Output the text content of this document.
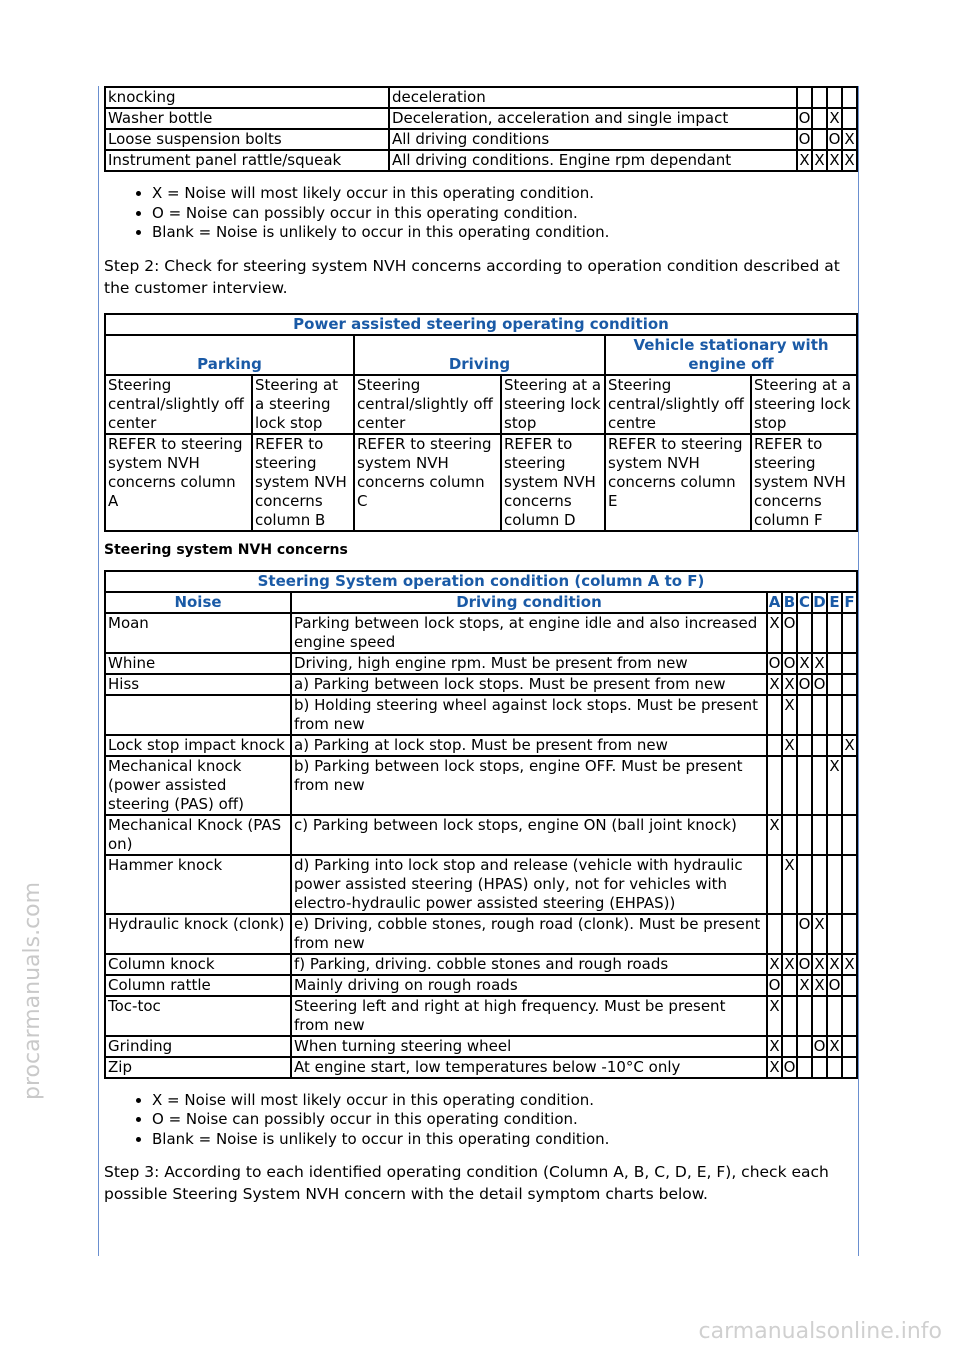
knocking	deceleration				
Washer bottle	Deceleration, acceleration and single impact	O		X	
Loose suspension bolts	All driving conditions	O		O	X
Instrument panel rattle/squeak	All driving conditions. Engine rpm dependant	X	X	X	X
• X = Noise will most likely occur in this operating condition.
• O = Noise can possibly occur in this operating condition.
• Blank = Noise is unlikely to occur in this operating condition.

Step 2: Check for steering system NVH concerns according to operation condition described at the customer interview.

Power assisted steering operating condition					
Parking		Driving		Vehicle stationary with engine off	
Steering central/slightly off center	Steering at a steering lock stop	Steering central/slightly off center	Steering at a steering lock stop	Steering central/slightly off centre	Steering at a steering lock stop
REFER to steering system NVH concerns column A	REFER to steering system NVH concerns column B	REFER to steering system NVH concerns column C	REFER to steering system NVH concerns column D	REFER to steering system NVH concerns column E	REFER to steering system NVH concerns column F
Steering system NVH concerns
Steering System operation condition (column A to F)							
Noise	Driving condition	A	B	C	D	E	F
Moan	Parking between lock stops, at engine idle and also increased engine speed	X	O				
Whine	Driving, high engine rpm. Must be present from new	O	O	X	X		
Hiss	a) Parking between lock stops. Must be present from new	X	X	O	O		
	b) Holding steering wheel against lock stops. Must be present from new		X				
Lock stop impact knock	a) Parking at lock stop. Must be present from new		X				X
Mechanical knock (power assisted steering (PAS) off)	b) Parking between lock stops, engine OFF. Must be present from new					X	
Mechanical Knock (PAS on)	c) Parking between lock stops, engine ON (ball joint knock)	X					
Hammer knock	d) Parking into lock stop and release (vehicle with hydraulic power assisted steering (HPAS) only, not for vehicles with electro-hydraulic power assisted steering (EHPAS))		X				
Hydraulic knock (clonk)	e) Driving, cobble stones, rough road (clonk). Must be present from new			O	X		
Column knock	f) Parking, driving. cobble stones and rough roads	X	X	O	X	X	X
Column rattle	Mainly driving on rough roads	O		X	X	O	
Toc-toc	Steering left and right at high frequency. Must be present from new	X					
Grinding	When turning steering wheel	X			O	X	
Zip	At engine start, low temperatures below -10°C only	X	O				
• X = Noise will most likely occur in this operating condition.
• O = Noise can possibly occur in this operating condition.
• Blank = Noise is unlikely to occur in this operating condition.

Step 3: According to each identified operating condition (Column A, B, C, D, E, F), check each possible Steering System NVH concern with the detail symptom charts below.

procarmanuals.com
carmanualsonline.info
